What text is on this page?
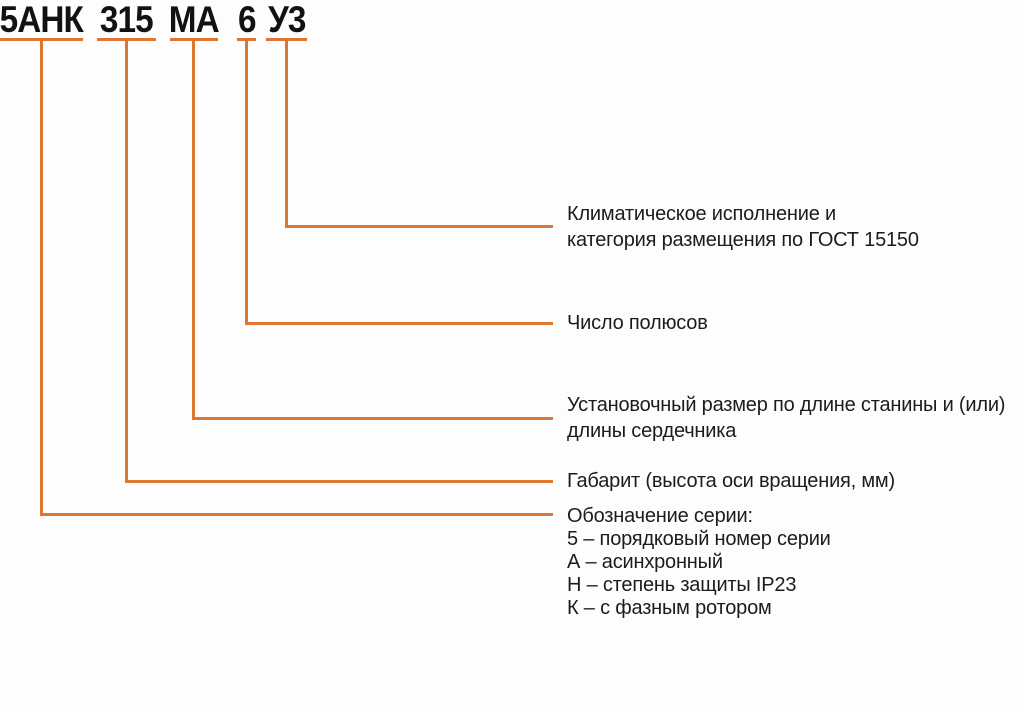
5АНК 315 МА 6 У3
Климатическое исполнение и
категория размещения по ГОСТ 15150
Число полюсов
Установочный размер по длине станины и (или)
длины сердечника
Габарит (высота оси вращения, мм)
Обозначение серии:
5 – порядковый номер серии
А – асинхронный
Н – степень защиты IP23
К – с фазным ротором
